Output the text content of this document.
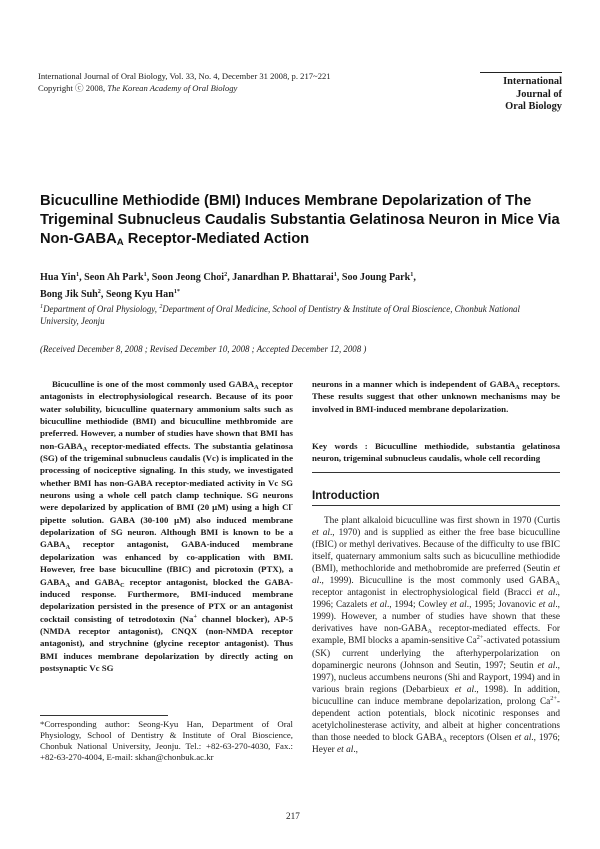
International Journal of Oral Biology, Vol. 33, No. 4, December 31 2008, p. 217~221
Copyright ⓒ 2008, The Korean Academy of Oral Biology
International
Journal of
Oral Biology
Bicuculline Methiodide (BMI) Induces Membrane Depolarization of The Trigeminal Subnucleus Caudalis Substantia Gelatinosa Neuron in Mice Via Non-$GABA_A$ Receptor-Mediated Action
Hua Yin$^1$, Seon Ah Park$^1$, Soon Jeong Choi$^2$, Janardhan P. Bhattarai$^1$, Soo Joung Park$^1$,
Bong Jik Suh$^2$, Seong Kyu Han$^{1*}$
$^1$Department of Oral Physiology, $^2$Department of Oral Medicine, School of Dentistry & Institute of Oral Bioscience, Chonbuk National University, Jeonju
(Received December 8, 2008 ; Revised December 10, 2008 ; Accepted December 12, 2008 )

Bicuculline is one of the most commonly used $GABA_A$ receptor antagonists in electrophysiological research. Because of its poor water solubility, bicuculline quaternary ammonium salts such as bicuculline methiodide (BMI) and bicuculline methbromide are preferred. However, a number of studies have shown that BMI has non-$GABA_A$ receptor-mediated effects. The substantia gelatinosa (SG) of the trigeminal subnucleus caudalis (Vc) is implicated in the processing of nociceptive signaling. In this study, we investigated whether BMI has non-GABA receptor-mediated activity in Vc SG neurons using a whole cell patch clamp technique. SG neurons were depolarized by application of BMI (20 μM) using a high Cl- pipette solution. GABA (30-100 μM) also induced membrane depolarization of SG neuron. Although BMI is known to be a $GABA_A$ receptor antagonist, GABA-induced membrane depolarization was enhanced by co-application with BMI. However, free base bicuculline (fBIC) and picrotoxin (PTX), a $GABA_A$ and $GABA_C$ receptor antagonist, blocked the GABA-induced response. Furthermore, BMI-induced membrane depolarization persisted in the presence of PTX or an antagonist cocktail consisting of tetrodotoxin (Na+ channel blocker), AP-5 (NMDA receptor antagonist), CNQX (non-NMDA receptor antagonist), and strychnine (glycine receptor antagonist). Thus BMI induces membrane depolarization by directly acting on postsynaptic Vc SG

neurons in a manner which is independent of $GABA_A$ receptors. These results suggest that other unknown mechanisms may be involved in BMI-induced membrane depolarization.

Key words : Bicuculline methiodide, substantia gelatinosa neuron, trigeminal subnucleus caudalis, whole cell recording
Introduction

The plant alkaloid bicuculline was first shown in 1970 (Curtis et al., 1970) and is supplied as either the free base bicuculline (fBIC) or methyl derivatives. Because of the difficulty to use fBIC itself, quaternary ammonium salts such as bicuculline methiodide (BMI), methochloride and methobromide are preferred (Seutin et al., 1999). Bicuculline is the most commonly used $GABA_A$ receptor antagonist in electrophysiological field (Bracci et al., 1996; Cazalets et al., 1994; Cowley et al., 1995; Jovanovic et al., 1999). However, a number of studies have shown that these derivatives have non-$GABA_A$ receptor-mediated effects. For example, BMI blocks a apamin-sensitive $Ca^{2+}$-activated potassium (SK) current underlying the afterhyperpolarization on dopaminergic neurons (Johnson and Seutin, 1997; Seutin et al., 1997), nucleus accumbens neurons (Shi and Rayport, 1994) and in various brain regions (Debarbieux et al., 1998). In addition, bicuculline can induce membrane depolarization, prolong $Ca^{2+}$-dependent action potentials, block nicotinic responses and acetylcholinesterase activity, and albeit at higher concentrations than those needed to block $GABA_A$ receptors (Olsen et al., 1976; Heyer et al.,

*Corresponding author: Seong-Kyu Han, Department of Oral Physiology, School of Dentistry & Institute of Oral Bioscience, Chonbuk National University, Jeonju. Tel.: +82-63-270-4030, Fax.: +82-63-270-4004, E-mail: skhan@chonbuk.ac.kr
217
